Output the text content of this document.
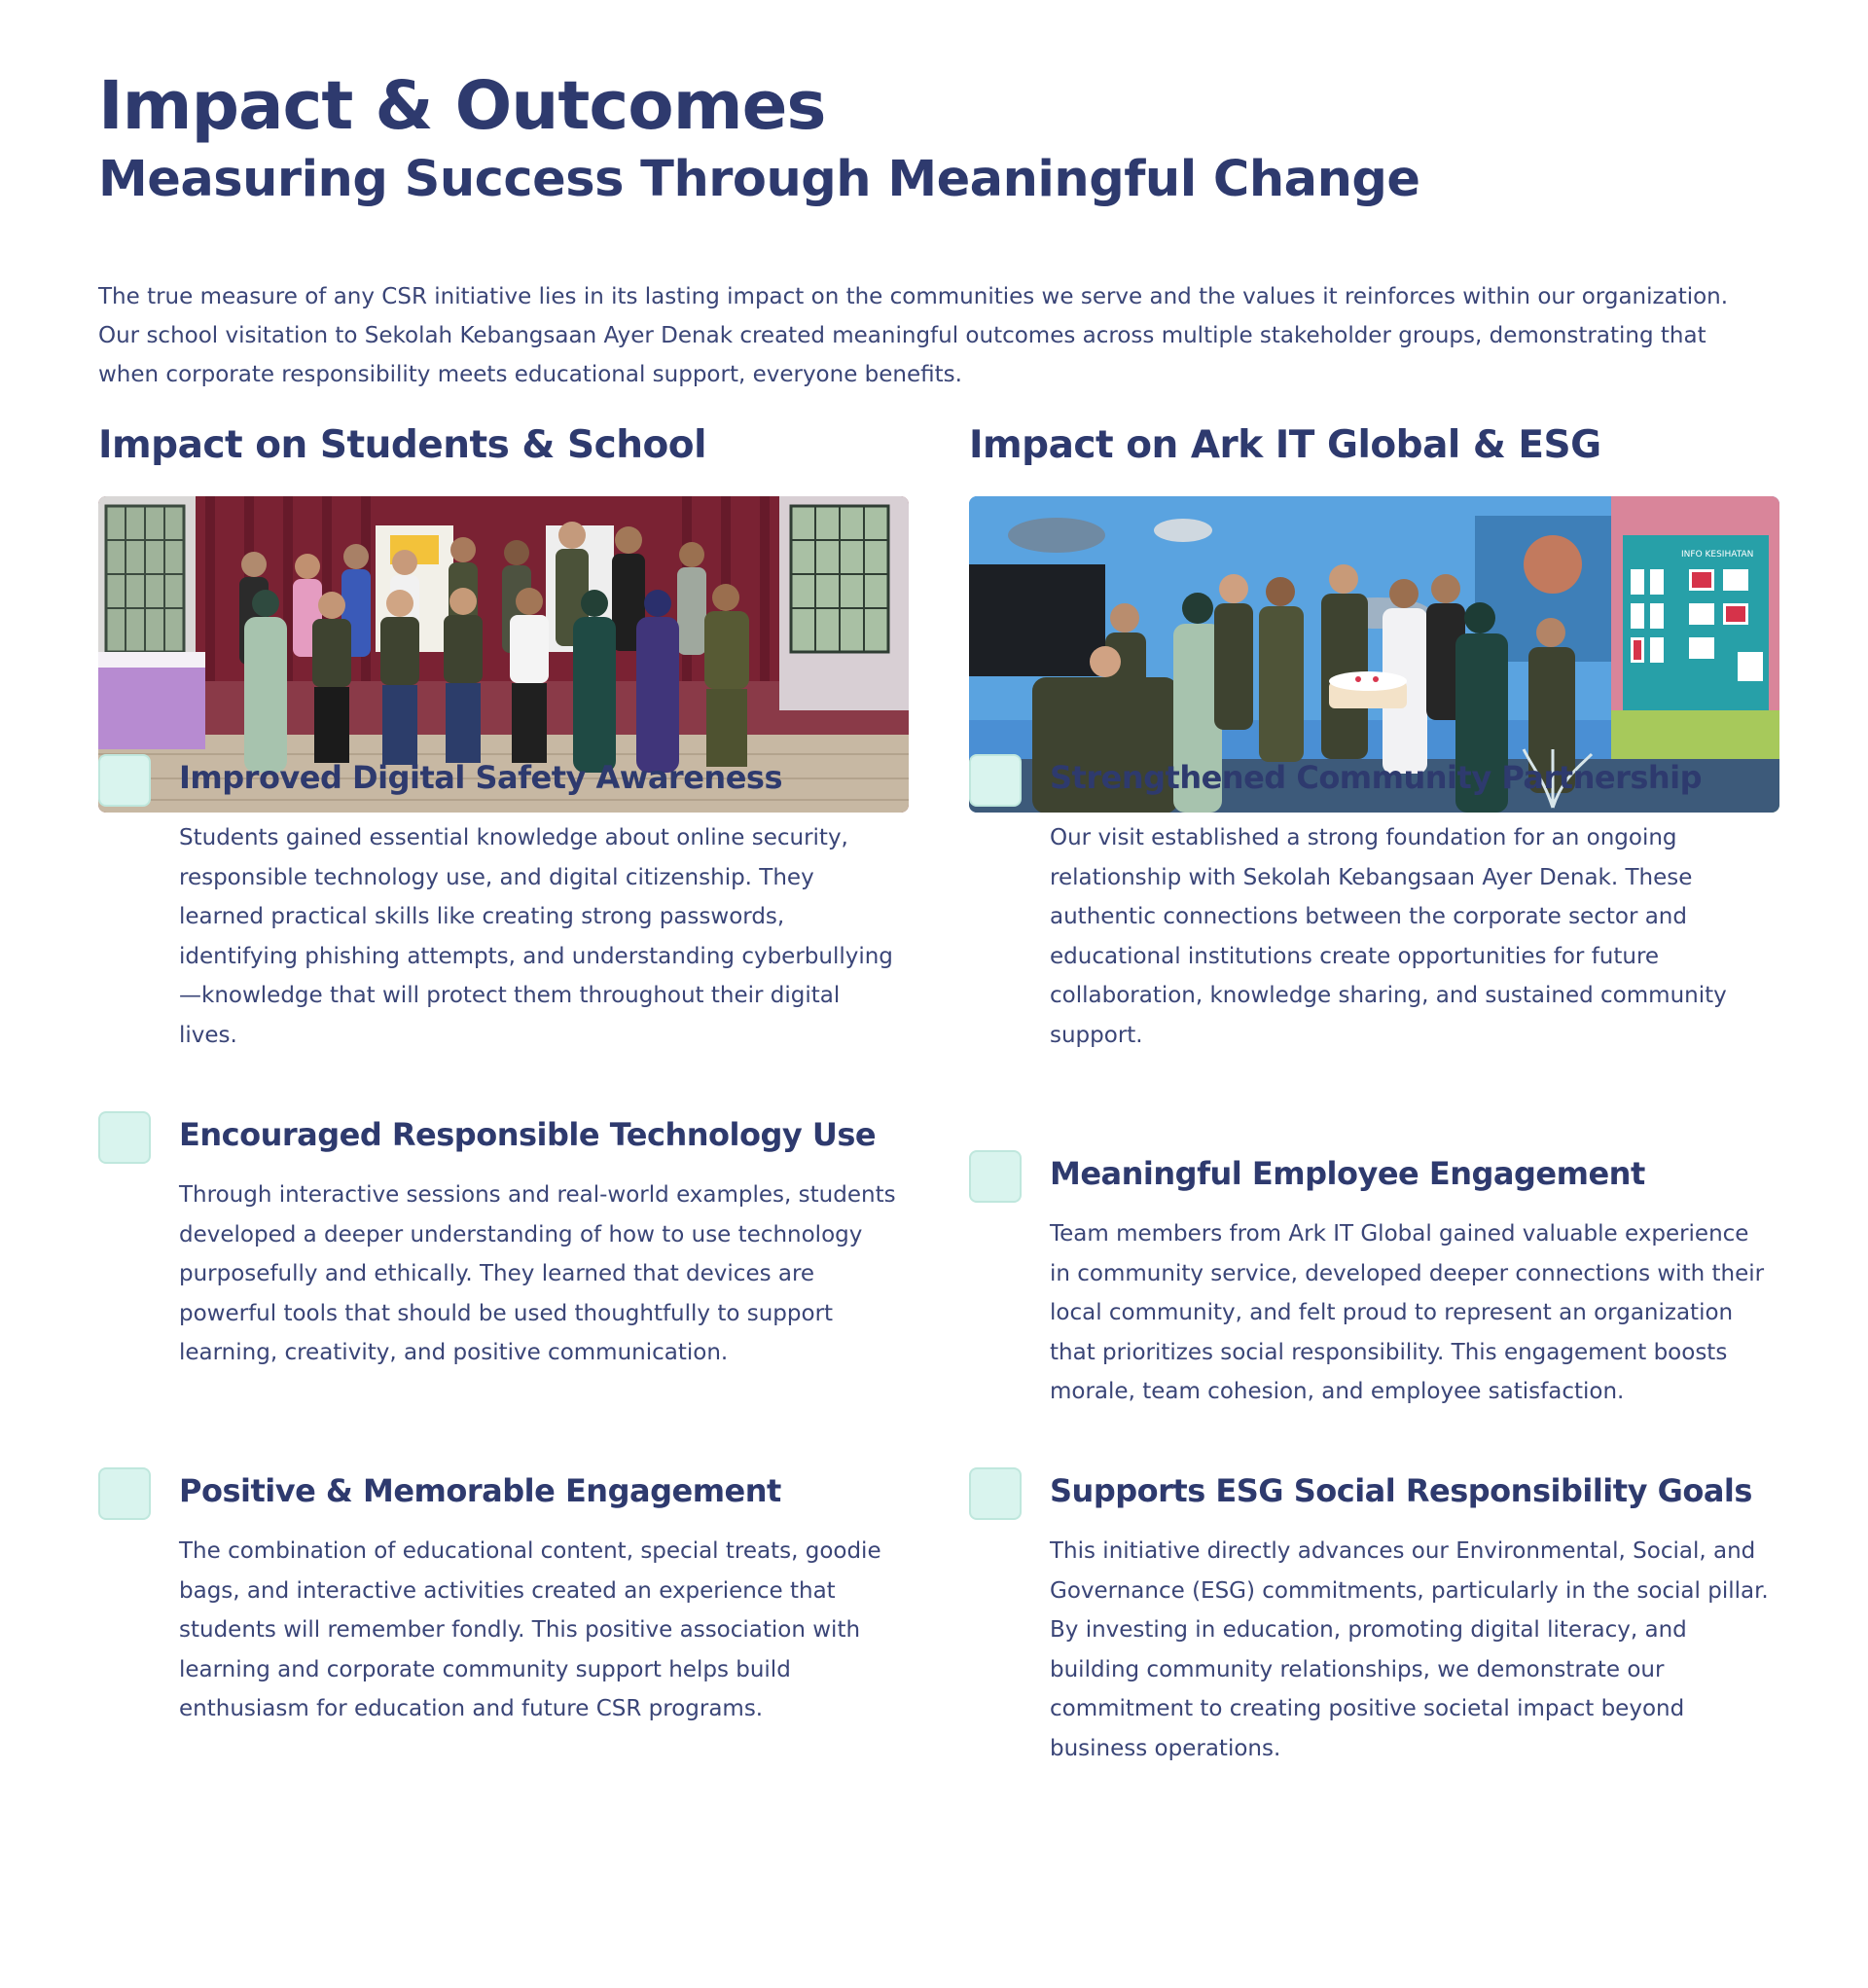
Impact & Outcomes
Measuring Success Through Meaningful Change

The true measure of any CSR initiative lies in its lasting impact on the communities we serve and the values it reinforces within our organization. Our school visitation to Sekolah Kebangsaan Ayer Denak created meaningful outcomes across multiple stakeholder groups, demonstrating that when corporate responsibility meets educational support, everyone benefits.

Impact on Students & School
Improved Digital Safety Awareness

Students gained essential knowledge about online security, responsible technology use, and digital citizenship. They learned practical skills like creating strong passwords, identifying phishing attempts, and understanding cyberbullying—knowledge that will protect them throughout their digital lives.

Encouraged Responsible Technology Use

Through interactive sessions and real-world examples, students developed a deeper understanding of how to use technology purposefully and ethically. They learned that devices are powerful tools that should be used thoughtfully to support learning, creativity, and positive communication.

Positive & Memorable Engagement

The combination of educational content, special treats, goodie bags, and interactive activities created an experience that students will remember fondly. This positive association with learning and corporate community support helps build enthusiasm for education and future CSR programs.

Impact on Ark IT Global & ESG
INFO KESIHATAN
Strengthened Community Partnership

Our visit established a strong foundation for an ongoing relationship with Sekolah Kebangsaan Ayer Denak. These authentic connections between the corporate sector and educational institutions create opportunities for future collaboration, knowledge sharing, and sustained community support.

Meaningful Employee Engagement

Team members from Ark IT Global gained valuable experience in community service, developed deeper connections with their local community, and felt proud to represent an organization that prioritizes social responsibility. This engagement boosts morale, team cohesion, and employee satisfaction.

Supports ESG Social Responsibility Goals

This initiative directly advances our Environmental, Social, and Governance (ESG) commitments, particularly in the social pillar. By investing in education, promoting digital literacy, and building community relationships, we demonstrate our commitment to creating positive societal impact beyond business operations.
